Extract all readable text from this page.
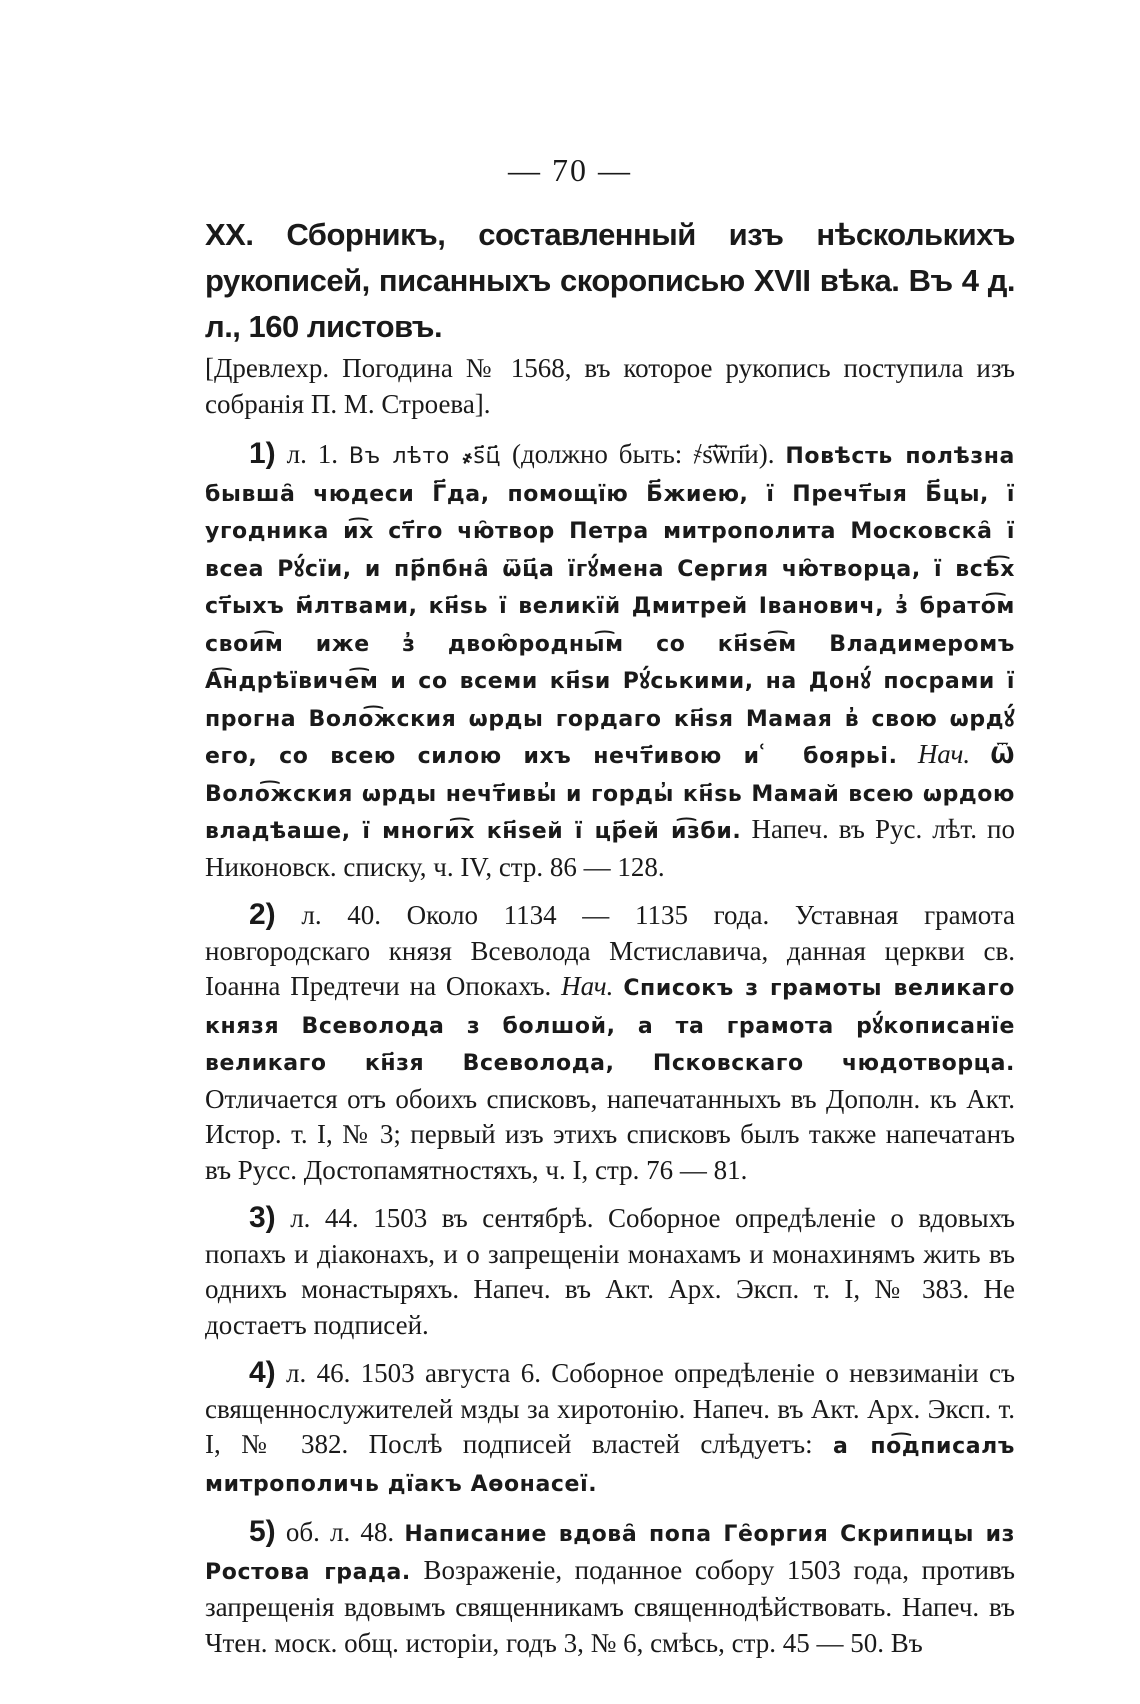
— 70 —

XX. Сборникъ, составленный изъ нѣсколькихъ рукописей, писанныхъ скорописью XVII вѣка. Въ 4 д. л., 160 листовъ.

[Древлехр. Погодина № 1568, въ которое рукопись поступила изъ собранія П. М. Строева].

1) л. 1. Въ лѣто ҂ѕ҃ц҃ (должно быть: ҂ѕ҃ѿп҃и). Повѣсть полѣзна бывша̑ чюдеси Г҃да, помощїю Б҃жиею, ї Пречт҃ыя Б҃цы, ї угодника и͡х ст҃го чю̑твор Петра митрополита Московска̑ ї всеа Рꙋ́сїи, и пр҃пбна̑ ѿц҃а їгꙋ́мена Сергия чю̑творца, ї всѣ͡х ст҃ыхъ м҃лтвами, кн҃ѕь ї великїй Дмитрей Іванович, з̓ брато͡м свои͡м иже з̓ двою̑родны͡м со кн҃ѕе͡м Владимеромъ А͡ндрѣївиче͡м и со всеми кн҃ѕи Рꙋ́ськими, на Донꙋ́ посрами ї прогна Воло͡жския ѡрды гордаго кн҃ѕя Мамая в̓ свою ѡрдꙋ́ его, со всею силою ихъ нечт҃ивою и ͑ боярьі. Нач. Ѿ Воло͡жския ѡрды нечт҃ивы̓ и горды̓ кн҃ѕь Мамай всею ѡрдою владѣаше, ї многи͡х кн҃ѕей ї цр҃ей и͡зби. Напеч. въ Рус. лѣт. по Никоновск. списку, ч. IV, стр. 86 — 128.

2) л. 40. Около 1134 — 1135 года. Уставная грамота новгородскаго князя Всеволода Мстиславича, данная церкви св. Іоанна Предтечи на Опокахъ. Нач. Списокъ з грамоты великаго князя Всеволода з болшой, а та грамота рꙋ́кописанїе великаго кн҃зя Всеволода, Псковскаго чюдотворца. Отличается отъ обоихъ списковъ, напечатанныхъ въ Дополн. къ Акт. Истор. т. I, № 3; первый изъ этихъ списковъ былъ также напечатанъ въ Русс. Достопамятностяхъ, ч. I, стр. 76 — 81.

3) л. 44. 1503 въ сентябрѣ. Соборное опредѣленіе о вдовыхъ попахъ и діаконахъ, и о запрещеніи монахамъ и монахинямъ жить въ однихъ монастыряхъ. Напеч. въ Акт. Арх. Эксп. т. I, № 383. Не достаетъ подписей.

4) л. 46. 1503 августа 6. Соборное опредѣленіе о невзиманіи съ священнослужителей мзды за хиротонію. Напеч. въ Акт. Арх. Эксп. т. I, № 382. Послѣ подписей властей слѣдуетъ: а по͡дписалъ митрополичь дїакъ Аѳонасеї.

5) об. л. 48. Написание вдова̑ попа Ге̑оргия Скрипицы из Ростова града. Возраженіе, поданное собору 1503 года, противъ запрещенія вдовымъ священникамъ священнодѣйствовать. Напеч. въ Чтен. моск. общ. исторіи, годъ 3, № 6, смѣсь, стр. 45 — 50. Въ
